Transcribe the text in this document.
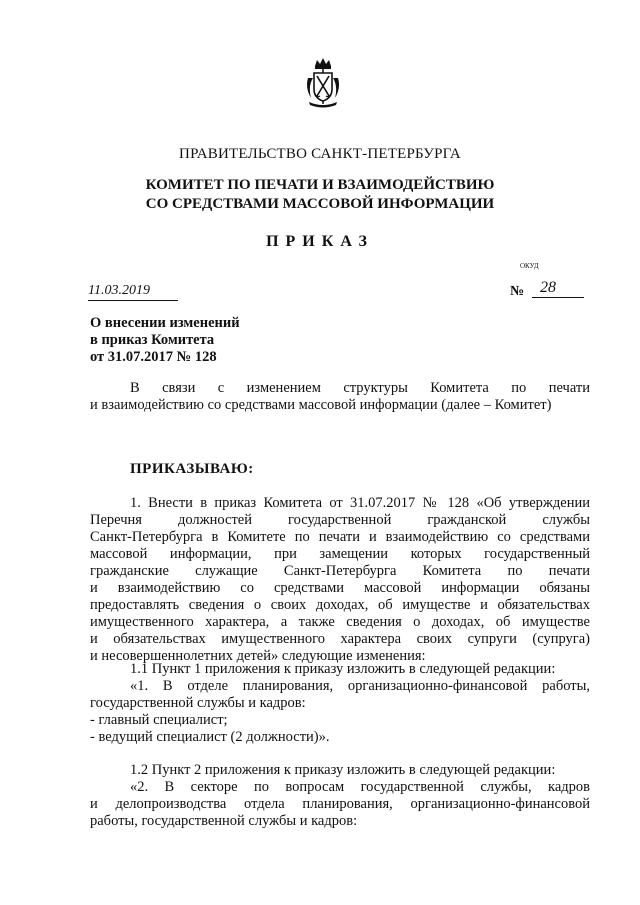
ПРАВИТЕЛЬСТВО САНКТ-ПЕТЕРБУРГА
КОМИТЕТ ПО ПЕЧАТИ И ВЗАИМОДЕЙСТВИЮ
СО СРЕДСТВАМИ МАССОВОЙ ИНФОРМАЦИИ
ПРИКАЗ
ОКУД
11.03.2019	№ 28
О внесении изменений
в приказ Комитета
от 31.07.2017 № 128
В связи с изменением структуры Комитета по печати
и взаимодействию со средствами массовой информации (далее – Комитет)
ПРИКАЗЫВАЮ:
1. Внести в приказ Комитета от 31.07.2017 № 128 «Об утверждении
Перечня должностей государственной гражданской службы
Санкт-Петербурга в Комитете по печати и взаимодействию со средствами
массовой информации, при замещении которых государственный
гражданские служащие Санкт-Петербурга Комитета по печати
и взаимодействию со средствами массовой информации обязаны
предоставлять сведения о своих доходах, об имуществе и обязательствах
имущественного характера, а также сведения о доходах, об имуществе
и обязательствах имущественного характера своих супруги (супруга)
и несовершеннолетних детей» следующие изменения:
1.1 Пункт 1 приложения к приказу изложить в следующей редакции:
«1. В отделе планирования, организационно-финансовой работы,
государственной службы и кадров:
- главный специалист;
- ведущий специалист (2 должности)».
1.2 Пункт 2 приложения к приказу изложить в следующей редакции:
«2. В секторе по вопросам государственной службы, кадров
и делопроизводства отдела планирования, организационно-финансовой
работы, государственной службы и кадров:
